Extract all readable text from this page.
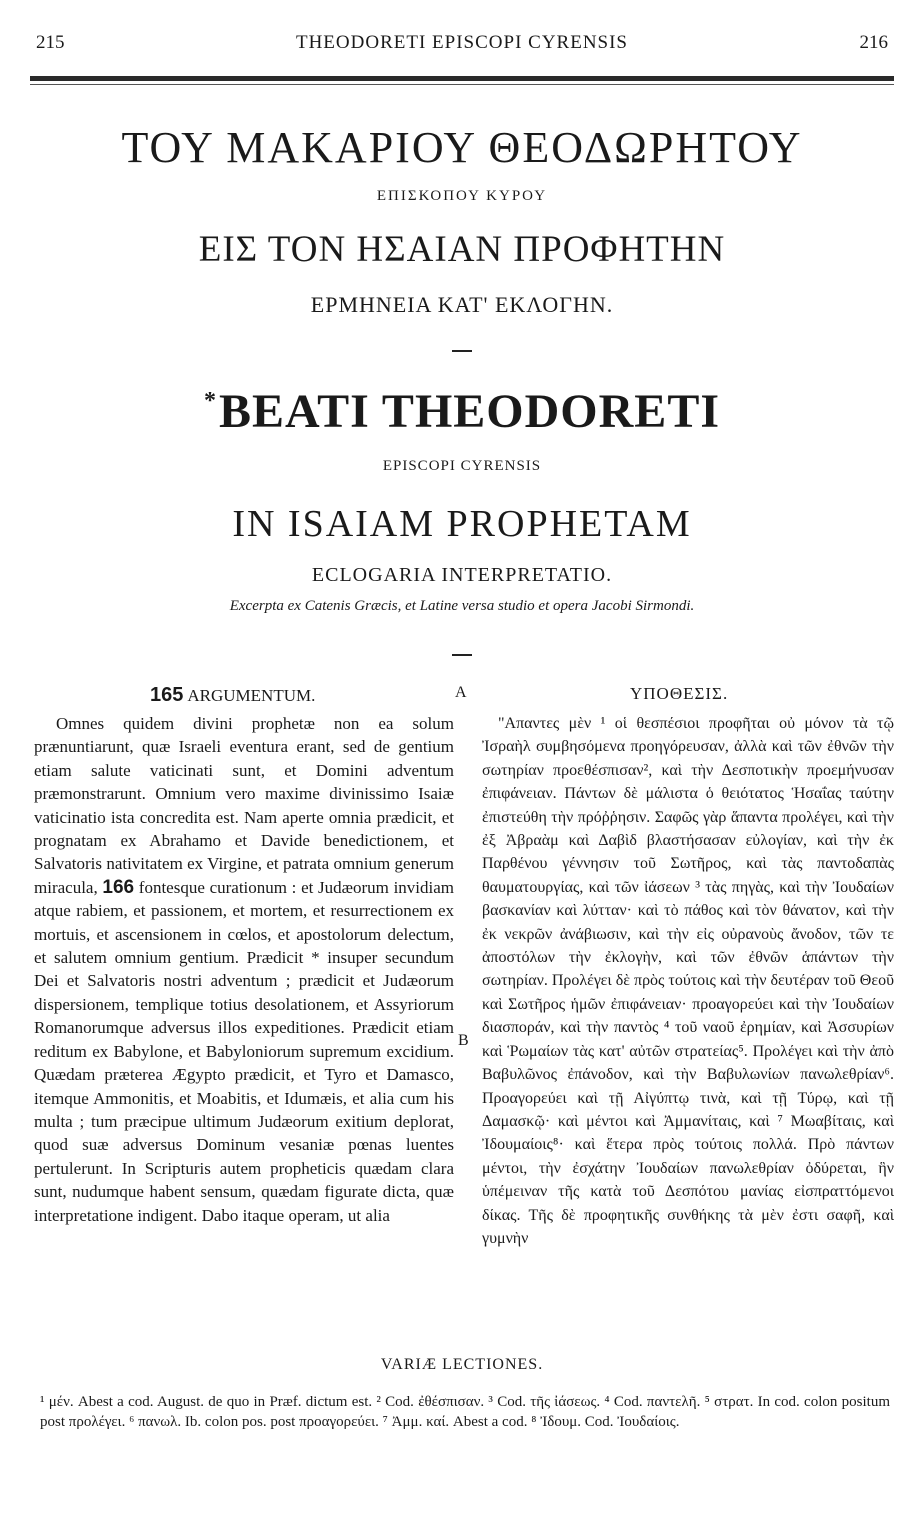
215	THEODORETI EPISCOPI CYRENSIS	216
ΤΟΥ ΜΑΚΑΡΙΟΥ ΘΕΟΔΩΡΗΤΟΥ
ΕΠΙΣΚΟΠΟΥ ΚΥΡΟΥ
ΕΙΣ ΤΟΝ ΗΣΑΙΑΝ ΠΡΟΦΗΤΗΝ
ΕΡΜΗΝΕΙΑ ΚΑΤ' ΕΚΛΟΓΗΝ.
*BEATI THEODORETI
EPISCOPI CYRENSIS
IN ISAIAM PROPHETAM
ECLOGARIA INTERPRETATIO.
Excerpta ex Catenis Græcis, et Latine versa studio et opera Jacobi Sirmondi.
165 ARGUMENTUM.	A	ΥΠΟΘΕΣΙΣ.

Omnes quidem divini prophetæ non ea solum prænuntiarunt, quæ Israeli eventura erant, sed de gentium etiam salute vaticinati sunt, et Domini adventum præmonstrarunt. Omnium vero maxime divinissimo Isaiæ vaticinatio ista concredita est. Nam aperte omnia prædicit, et prognatam ex Abrahamo et Davide benedictionem, et Salvatoris nativitatem ex Virgine, et patrata omnium generum miracula, 166 fontesque curationum : et Judæorum invidiam atque rabiem, et passionem, et mortem, et resurrectionem ex mortuis, et ascensionem in cœlos, et apostolorum delectum, et salutem omnium gentium. Prædicit * insuper secundum Dei et Salvatoris nostri adventum ; prædicit et Judæorum dispersionem, templique totius desolationem, et Assyriorum Romanorumque adversus illos expeditiones. Prædicit etiam reditum ex Babylone, et Babyloniorum supremum excidium. Quædam præterea Ægypto prædicit, et Tyro et Damasco, itemque Ammonitis, et Moabitis, et Idumæis, et alia cum his multa ; tum præcipue ultimum Judæorum exitium deplorat, quod suæ adversus Dominum vesaniæ pœnas luentes pertulerunt. In Scripturis autem propheticis quædam clara sunt, nudumque habent sensum, quædam figurate dicta, quæ interpretatione indigent. Dabo itaque operam, ut alia

B

"Απαντες μὲν ¹ οἱ θεσπέσιοι προφῆται οὐ μόνον τὰ τῷ Ἰσραὴλ συμβησόμενα προηγόρευσαν, ἀλλὰ καὶ τῶν ἐθνῶν τὴν σωτηρίαν προεθέσπισαν², καὶ τὴν Δεσποτικὴν προεμήνυσαν ἐπιφάνειαν. Πάντων δὲ μάλιστα ὁ θειότατος Ἡσαΐας ταύτην ἐπιστεύθη τὴν πρόῤῥησιν. Σαφῶς γὰρ ἅπαντα προλέγει, καὶ τὴν ἐξ Ἀβραὰμ καὶ Δαβὶδ βλαστήσασαν εὐλογίαν, καὶ τὴν ἐκ Παρθένου γέννησιν τοῦ Σωτῆρος, καὶ τὰς παντοδαπὰς θαυματουργίας, καὶ τῶν ἰάσεων ³ τὰς πηγὰς, καὶ τὴν Ἰουδαίων βασκανίαν καὶ λύτταν· καὶ τὸ πάθος καὶ τὸν θάνατον, καὶ τὴν ἐκ νεκρῶν ἀνάβιωσιν, καὶ τὴν εἰς οὐρανοὺς ἄνοδον, τῶν τε ἀποστόλων τὴν ἐκλογὴν, καὶ τῶν ἐθνῶν ἁπάντων τὴν σωτηρίαν. Προλέγει δὲ πρὸς τούτοις καὶ τὴν δευτέραν τοῦ Θεοῦ καὶ Σωτῆρος ἡμῶν ἐπιφάνειαν· προαγορεύει καὶ τὴν Ἰουδαίων διασποράν, καὶ τὴν παντὸς ⁴ τοῦ ναοῦ ἐρημίαν, καὶ Ἀσσυρίων καὶ Ῥωμαίων τὰς κατ' αὐτῶν στρατείας⁵. Προλέγει καὶ τὴν ἀπὸ Βαβυλῶνος ἐπάνοδον, καὶ τὴν Βαβυλωνίων πανωλεθρίαν⁶. Προαγορεύει καὶ τῇ Αἰγύπτῳ τινὰ, καὶ τῇ Τύρῳ, καὶ τῇ Δαμασκῷ· καὶ μέντοι καὶ Ἀμμανίταις, καὶ ⁷ Μωαβίταις, καὶ Ἰδουμαίοις⁸· καὶ ἕτερα πρὸς τούτοις πολλά. Πρὸ πάντων μέντοι, τὴν ἐσχάτην Ἰουδαίων πανωλεθρίαν ὀδύρεται, ἣν ὑπέμειναν τῆς κατὰ τοῦ Δεσπότου μανίας εἰσπραττόμενοι δίκας. Τῆς δὲ προφητικῆς συνθήκης τὰ μὲν ἐστι σαφῆ, καὶ γυμνὴν

VARIÆ LECTIONES.

¹ μέν. Abest a cod. August. de quo in Præf. dictum est. ² Cod. ἐθέσπισαν. ³ Cod. τῆς ἰάσεως. ⁴ Cod. παντελῆ. ⁵ στρατ. In cod. colon positum post προλέγει. ⁶ πανωλ. Ib. colon pos. post προαγορεύει. ⁷ Ἀμμ. καί. Abest a cod. ⁸ Ἰδουμ. Cod. Ἰουδαίοις.
